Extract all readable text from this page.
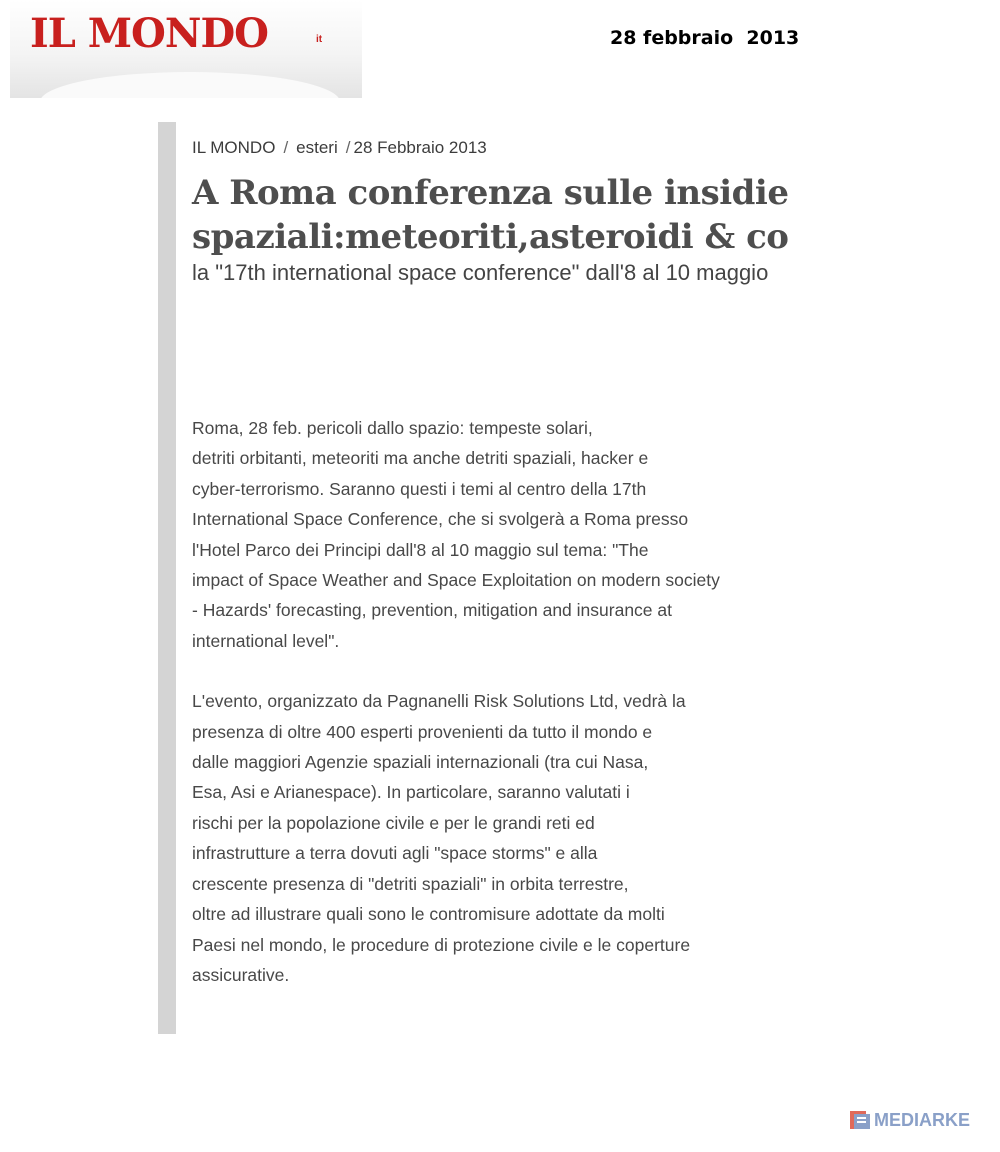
IL MONDO	it	28 febbraio  2013
IL MONDO / esteri / 28 Febbraio 2013
A Roma conferenza sulle insidie
spaziali:meteoriti,asteroidi & co
la "17th international space conference" dall'8 al 10 maggio

Roma, 28 feb. pericoli dallo spazio: tempeste solari,
detriti orbitanti, meteoriti ma anche detriti spaziali, hacker e
cyber-terrorismo. Saranno questi i temi al centro della 17th
International Space Conference, che si svolgerà a Roma presso
l'Hotel Parco dei Principi dall'8 al 10 maggio sul tema: "The
impact of Space Weather and Space Exploitation on modern society
- Hazards' forecasting, prevention, mitigation and insurance at
international level".

L'evento, organizzato da Pagnanelli Risk Solutions Ltd, vedrà la
presenza di oltre 400 esperti provenienti da tutto il mondo e
dalle maggiori Agenzie spaziali internazionali (tra cui Nasa,
Esa, Asi e Arianespace). In particolare, saranno valutati i
rischi per la popolazione civile e per le grandi reti ed
infrastrutture a terra dovuti agli "space storms" e alla
crescente presenza di "detriti spaziali" in orbita terrestre,
oltre ad illustrare quali sono le contromisure adottate da molti
Paesi nel mondo, le procedure di protezione civile e le coperture
assicurative.

MEDIARKE
